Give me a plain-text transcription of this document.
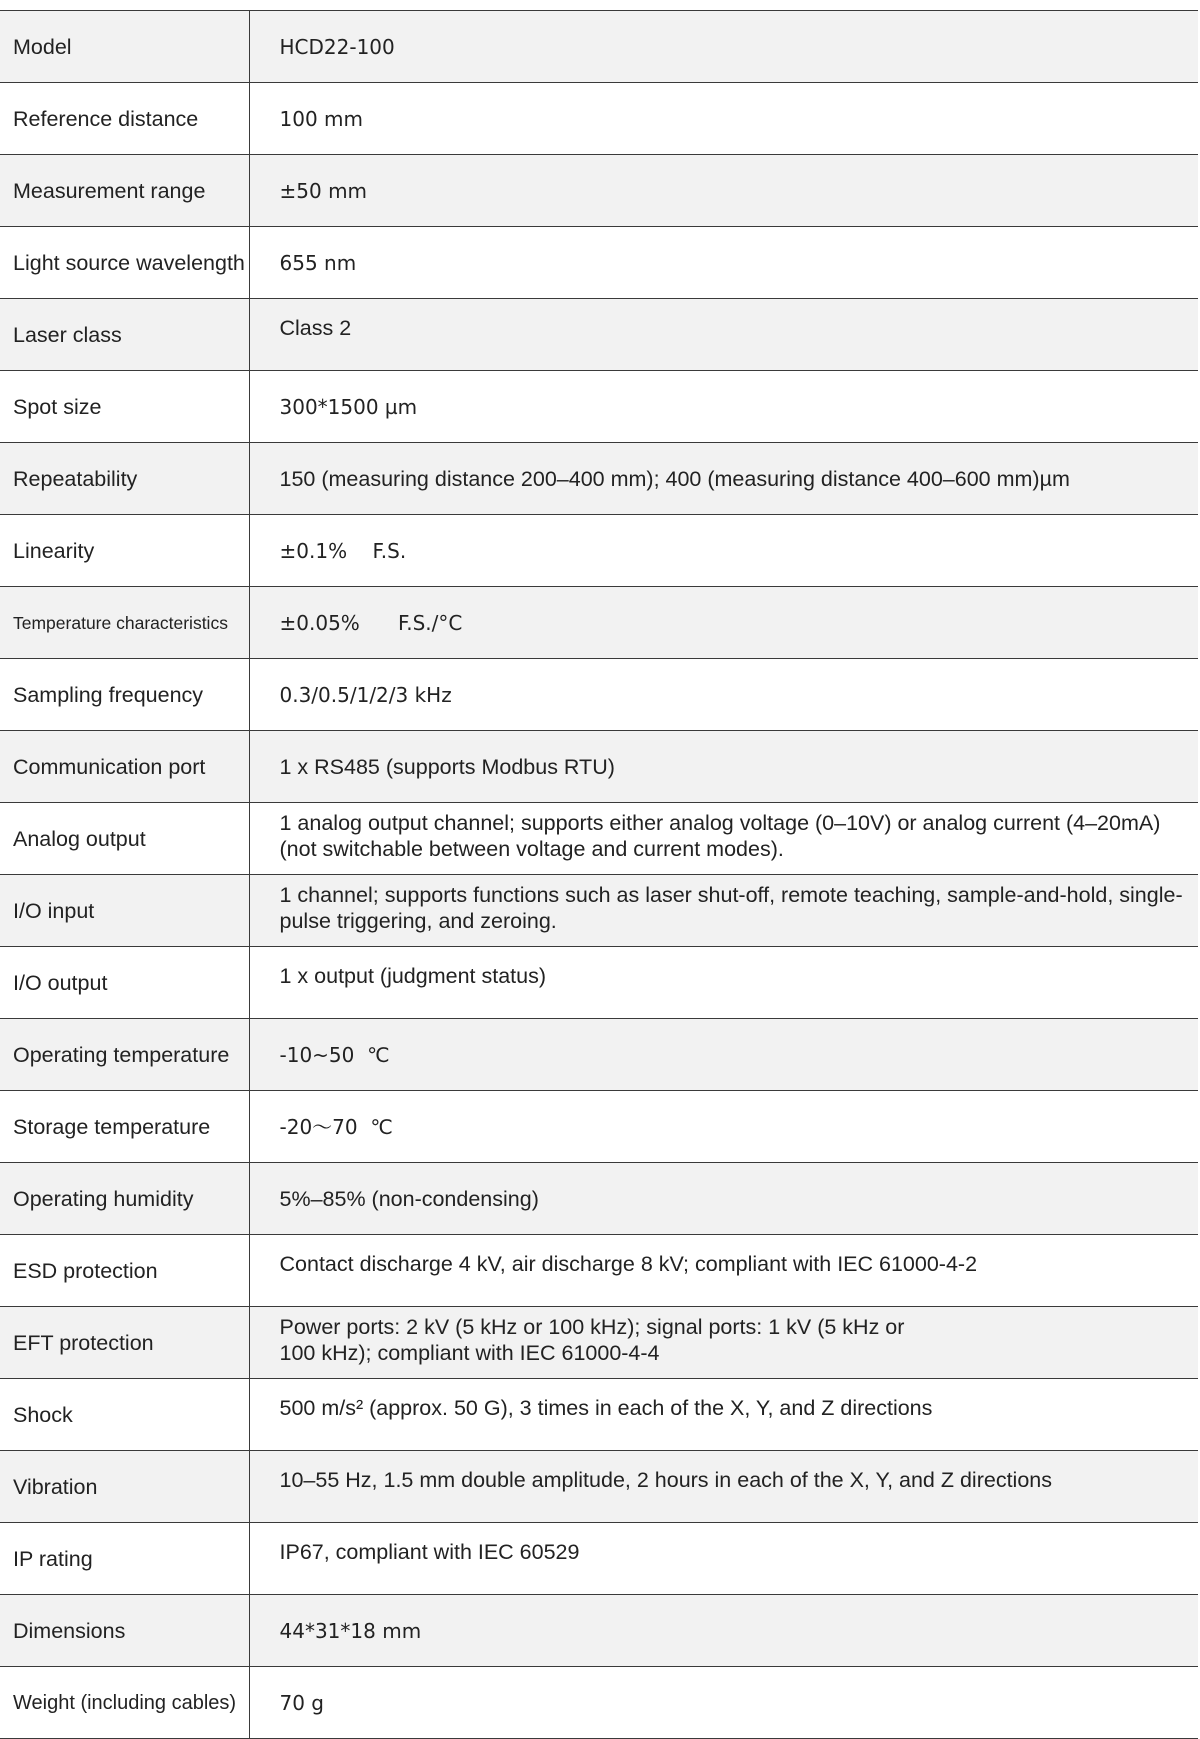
Model	HCD22-100
Reference distance	100 mm
Measurement range	±50 mm
Light source wavelength	655 nm
Laser class	Class 2
Spot size	300*1500 µm
Repeatability	150 (measuring distance 200–400 mm); 400 (measuring distance 400–600 mm)µm
Linearity	±0.1%    F.S.
Temperature characteristics	±0.05%      F.S./°C
Sampling frequency	0.3/0.5/1/2/3 kHz
Communication port	1 x RS485 (supports Modbus RTU)
Analog output	1 analog output channel; supports either analog voltage (0–10V) or analog current (4–20mA) (not switchable between voltage and current modes).
I/O input	1 channel; supports functions such as laser shut-off, remote teaching, sample-and-hold, single-pulse triggering, and zeroing.
I/O output	1 x output (judgment status)
Operating temperature	-10~50  ℃
Storage temperature	-20～70  ℃
Operating humidity	5%–85% (non-condensing)
ESD protection	Contact discharge 4 kV, air discharge 8 kV; compliant with IEC 61000-4-2
EFT protection	Power ports: 2 kV (5 kHz or 100 kHz); signal ports: 1 kV (5 kHz or 100 kHz); compliant with IEC 61000-4-4
Shock	500 m/s² (approx. 50 G), 3 times in each of the X, Y, and Z directions
Vibration	10–55 Hz, 1.5 mm double amplitude, 2 hours in each of the X, Y, and Z directions
IP rating	IP67, compliant with IEC 60529
Dimensions	44*31*18 mm
Weight (including cables)	70 g
